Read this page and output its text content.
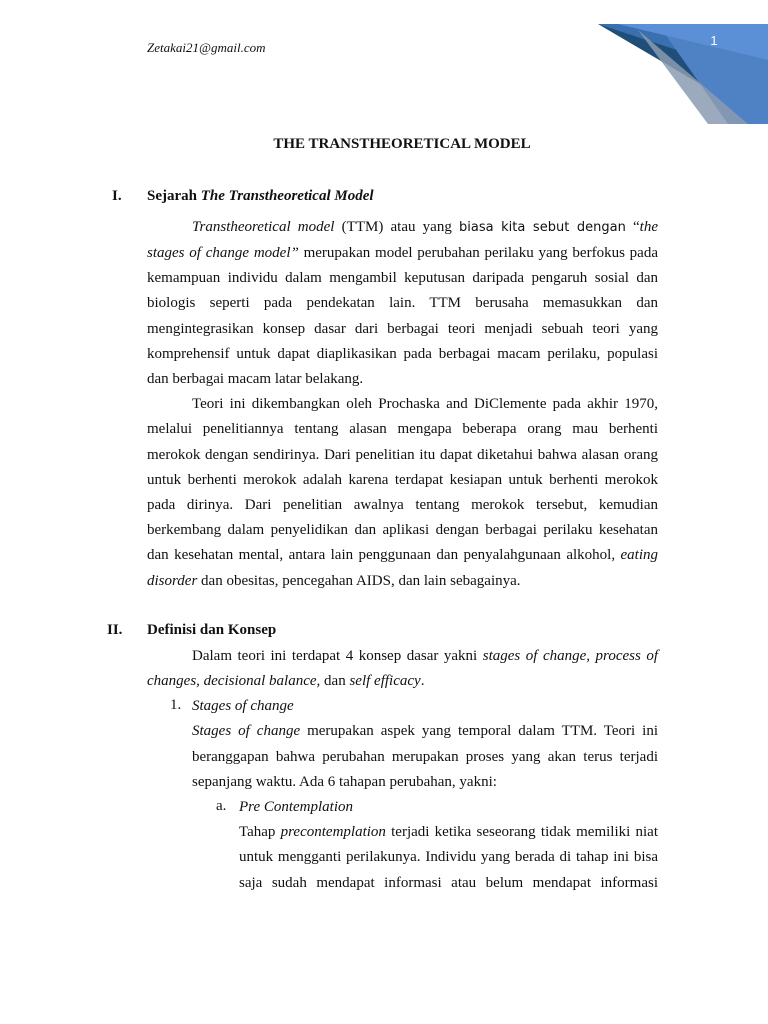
1
Zetakai21@gmail.com
THE TRANSTHEORETICAL MODEL
I. Sejarah The Transtheoretical Model
Transtheoretical model (TTM) atau yang biasa kita sebut dengan “the
stages of change model” merupakan model perubahan perilaku yang berfokus pada
kemampuan individu dalam mengambil keputusan daripada pengaruh sosial dan
biologis seperti pada pendekatan lain. TTM berusaha memasukkan dan
mengintegrasikan konsep dasar dari berbagai teori menjadi sebuah teori yang
komprehensif untuk dapat diaplikasikan pada berbagai macam perilaku, populasi
dan berbagai macam latar belakang.
Teori ini dikembangkan oleh Prochaska and DiClemente pada akhir 1970,
melalui penelitiannya tentang alasan mengapa beberapa orang mau berhenti
merokok dengan sendirinya. Dari penelitian itu dapat diketahui bahwa alasan orang
untuk berhenti merokok adalah karena terdapat kesiapan untuk berhenti merokok
pada dirinya. Dari penelitian awalnya tentang merokok tersebut, kemudian
berkembang dalam penyelidikan dan aplikasi dengan berbagai perilaku kesehatan
dan kesehatan mental, antara lain penggunaan dan penyalahgunaan alkohol, eating
disorder dan obesitas, pencegahan AIDS, dan lain sebagainya.
II. Definisi dan Konsep
Dalam teori ini terdapat 4 konsep dasar yakni stages of change, process of
changes, decisional balance, dan self efficacy.
1. Stages of change
Stages of change merupakan aspek yang temporal dalam TTM. Teori ini
beranggapan bahwa perubahan merupakan proses yang akan terus terjadi
sepanjang waktu. Ada 6 tahapan perubahan, yakni:
a. Pre Contemplation
Tahap precontemplation terjadi ketika seseorang tidak memiliki niat
untuk mengganti perilakunya. Individu yang berada di tahap ini bisa
saja sudah mendapat informasi atau belum mendapat informasi
